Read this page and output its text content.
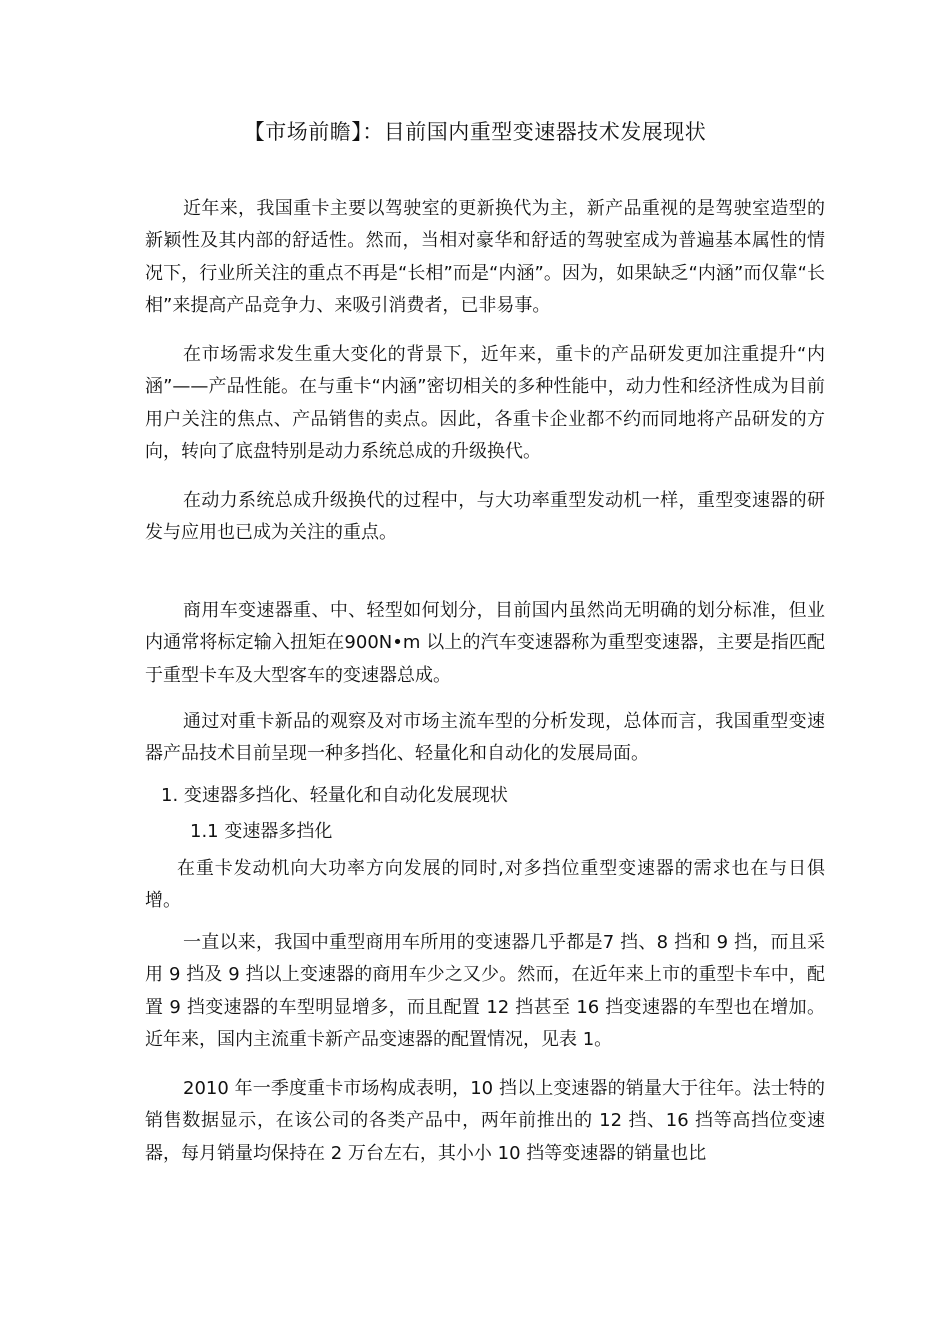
【市场前瞻】：目前国内重型变速器技术发展现状

近年来，我国重卡主要以驾驶室的更新换代为主，新产品重视的是驾驶室造型的新颖性及其内部的舒适性。然而，当相对豪华和舒适的驾驶室成为普遍基本属性的情况下，行业所关注的重点不再是“长相”而是“内涵”。因为，如果缺乏“内涵”而仅靠“长相”来提高产品竞争力、来吸引消费者，已非易事。

在市场需求发生重大变化的背景下，近年来，重卡的产品研发更加注重提升“内涵”——产品性能。在与重卡“内涵”密切相关的多种性能中，动力性和经济性成为目前用户关注的焦点、产品销售的卖点。因此，各重卡企业都不约而同地将产品研发的方向，转向了底盘特别是动力系统总成的升级换代。

在动力系统总成升级换代的过程中，与大功率重型发动机一样，重型变速器的研发与应用也已成为关注的重点。

商用车变速器重、中、轻型如何划分，目前国内虽然尚无明确的划分标准，但业内通常将标定输入扭矩在900N•m 以上的汽车变速器称为重型变速器，主要是指匹配于重型卡车及大型客车的变速器总成。

通过对重卡新品的观察及对市场主流车型的分析发现，总体而言，我国重型变速器产品技术目前呈现一种多挡化、轻量化和自动化的发展局面。

1. 变速器多挡化、轻量化和自动化发展现状

1.1 变速器多挡化

在重卡发动机向大功率方向发展的同时,对多挡位重型变速器的需求也在与日俱增。

一直以来，我国中重型商用车所用的变速器几乎都是7 挡、8 挡和 9 挡，而且采用 9 挡及 9 挡以上变速器的商用车少之又少。然而，在近年来上市的重型卡车中，配置 9 挡变速器的车型明显增多，而且配置 12 挡甚至 16 挡变速器的车型也在增加。近年来，国内主流重卡新产品变速器的配置情况，见表 1。

2010 年一季度重卡市场构成表明，10 挡以上变速器的销量大于往年。法士特的销售数据显示，在该公司的各类产品中，两年前推出的 12 挡、16 挡等高挡位变速器，每月销量均保持在 2 万台左右，其小小 10 挡等变速器的销量也比
